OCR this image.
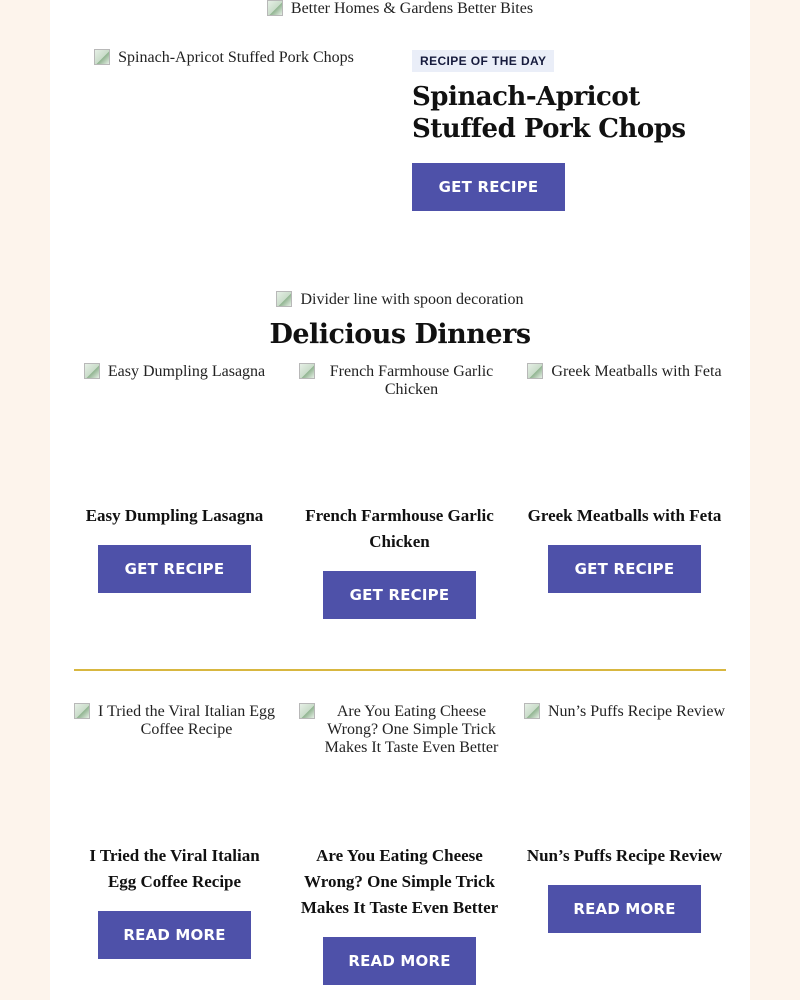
Better Homes & Gardens Better Bites
Spinach-Apricot Stuffed Pork Chops	RECIPE OF THE DAY
Spinach-Apricot Stuffed Pork Chops
GET RECIPE
Divider line with spoon decoration
Delicious Dinners
Easy Dumpling Lasagna
Easy Dumpling Lasagna
GET RECIPE
French Farmhouse Garlic Chicken
French Farmhouse Garlic Chicken
GET RECIPE
Greek Meatballs with Feta
Greek Meatballs with Feta
GET RECIPE
I Tried the Viral Italian Egg Coffee Recipe
I Tried the Viral Italian Egg Coffee Recipe
READ MORE
Are You Eating Cheese Wrong? One Simple Trick Makes It Taste Even Better
Are You Eating Cheese Wrong? One Simple Trick Makes It Taste Even Better
READ MORE
Nun’s Puffs Recipe Review
Nun’s Puffs Recipe Review
READ MORE
